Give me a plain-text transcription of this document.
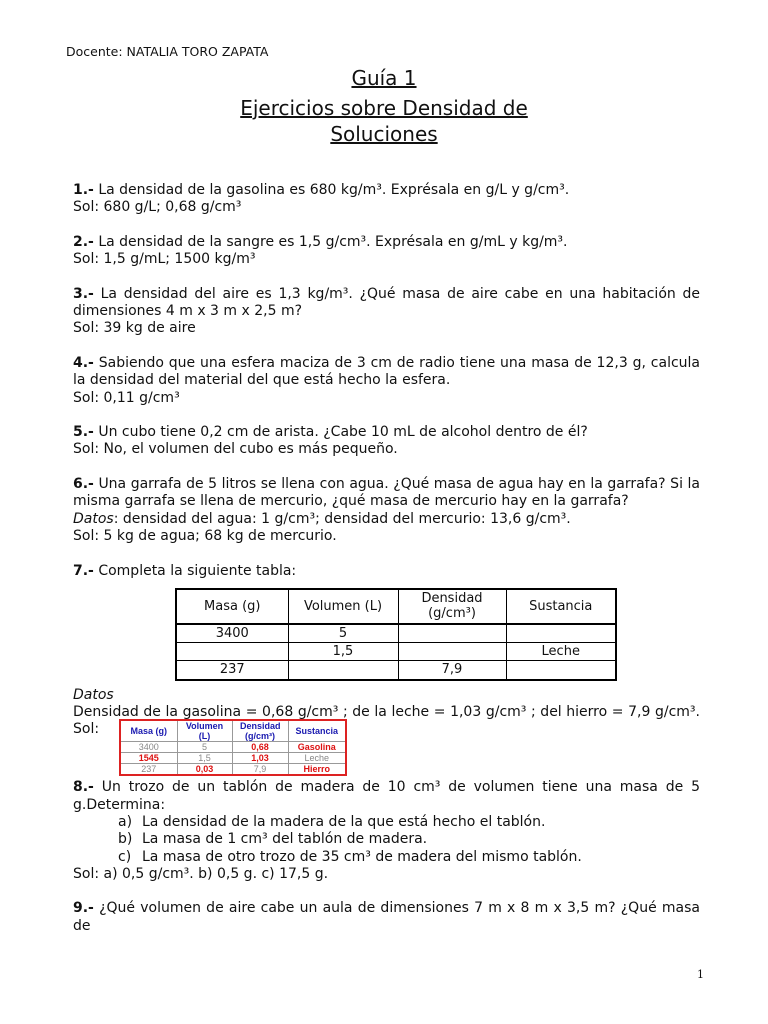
Docente: NATALIA TORO ZAPATA
Guía 1
Ejercicios sobre Densidad de
Soluciones
1.- La densidad de la gasolina es 680 kg/m³. Exprésala en g/L y g/cm³.
Sol: 680 g/L; 0,68 g/cm³
2.- La densidad de la sangre es 1,5 g/cm³. Exprésala en g/mL y kg/m³.
Sol: 1,5 g/mL; 1500 kg/m³
3.- La densidad del aire es 1,3 kg/m³. ¿Qué masa de aire cabe en una habitación de
dimensiones 4 m x 3 m x 2,5 m?
Sol: 39 kg de aire
4.- Sabiendo que una esfera maciza de 3 cm de radio tiene una masa de 12,3 g, calcula
la densidad del material del que está hecho la esfera.
Sol: 0,11 g/cm³
5.- Un cubo tiene 0,2 cm de arista. ¿Cabe 10 mL de alcohol dentro de él?
Sol: No, el volumen del cubo es más pequeño.
6.- Una garrafa de 5 litros se llena con agua. ¿Qué masa de agua hay en la garrafa? Si la
misma garrafa se llena de mercurio, ¿qué masa de mercurio hay en la garrafa?
Datos: densidad del agua: 1 g/cm³; densidad del mercurio: 13,6 g/cm³.
Sol: 5 kg de agua; 68 kg de mercurio.
7.- Completa la siguiente tabla:
Masa (g)	Volumen (L)	Densidad (g/cm³)	Sustancia
3400	5		
	1,5		Leche
237		7,9	
Datos
Densidad de la gasolina = 0,68 g/cm³ ; de la leche = 1,03 g/cm³ ; del hierro = 7,9 g/cm³.
Sol:	Masa (g)	Volumen (L)	Densidad (g/cm³)	Sustancia
3400	5	0,68	Gasolina
1545	1,5	1,03	Leche
237	0,03	7,9	Hierro
8.- Un trozo de un tablón de madera de 10 cm³ de volumen tiene una masa de 5
g.Determina:
a) La densidad de la madera de la que está hecho el tablón.
b) La masa de 1 cm³ del tablón de madera.
c) La masa de otro trozo de 35 cm³ de madera del mismo tablón.
Sol: a) 0,5 g/cm³. b) 0,5 g. c) 17,5 g.
9.- ¿Qué volumen de aire cabe un aula de dimensiones 7 m x 8 m x 3,5 m? ¿Qué masa de
1
